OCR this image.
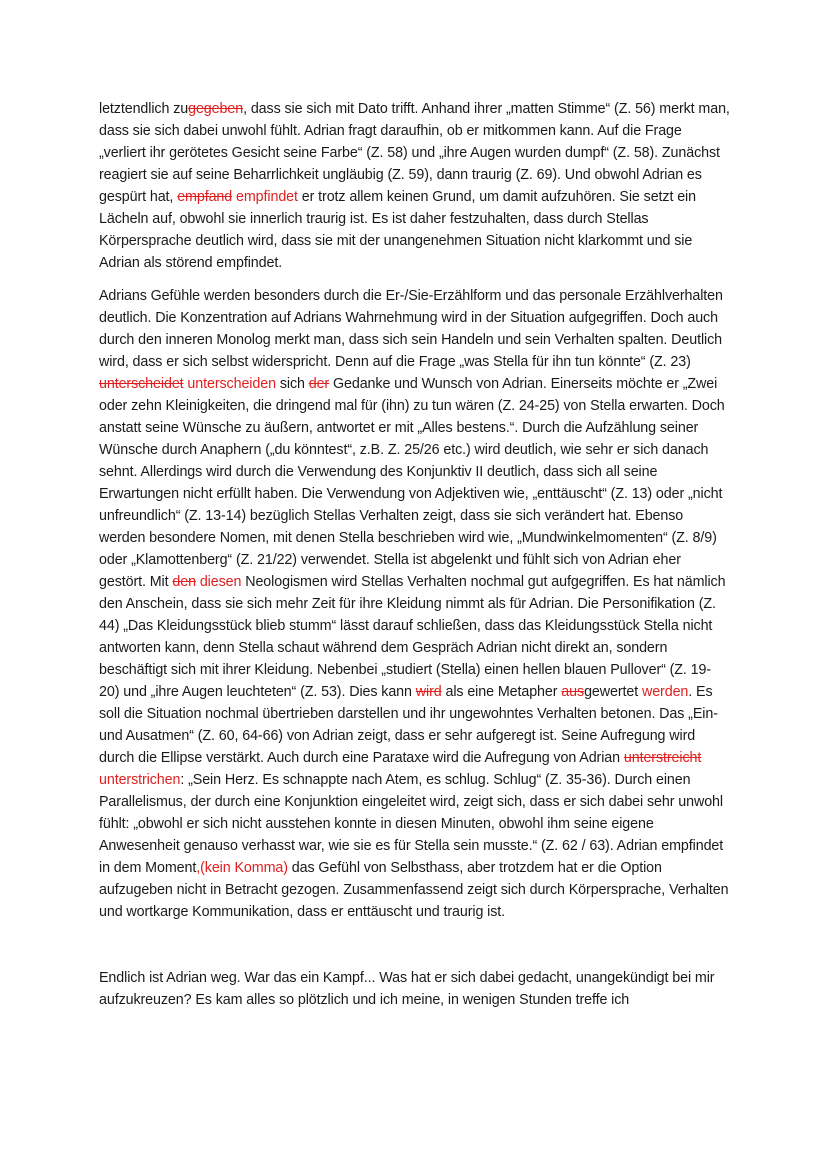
letztendlich zugegeben, dass sie sich mit Dato trifft. Anhand ihrer „matten Stimme“ (Z. 56) merkt man, dass sie sich dabei unwohl fühlt. Adrian fragt daraufhin, ob er mitkommen kann. Auf die Frage „verliert ihr gerötetes Gesicht seine Farbe“ (Z. 58) und „ihre Augen wurden dumpf“ (Z. 58). Zunächst reagiert sie auf seine Beharrlichkeit ungläubig (Z. 59), dann traurig (Z. 69). Und obwohl Adrian es gespürt hat, empfand empfindet er trotz allem keinen Grund, um damit aufzuhören. Sie setzt ein Lächeln auf, obwohl sie innerlich traurig ist. Es ist daher festzuhalten, dass durch Stellas Körpersprache deutlich wird, dass sie mit der unangenehmen Situation nicht klarkommt und sie Adrian als störend empfindet.

Adrians Gefühle werden besonders durch die Er-/Sie-Erzählform und das personale Erzählverhalten deutlich. Die Konzentration auf Adrians Wahrnehmung wird in der Situation aufgegriffen. Doch auch durch den inneren Monolog merkt man, dass sich sein Handeln und sein Verhalten spalten. Deutlich wird, dass er sich selbst widerspricht. Denn auf die Frage „was Stella für ihn tun könnte“ (Z. 23) unterscheidet unterscheiden sich der Gedanke und Wunsch von Adrian. Einerseits möchte er „Zwei oder zehn Kleinigkeiten, die dringend mal für (ihn) zu tun wären (Z. 24-25) von Stella erwarten. Doch anstatt seine Wünsche zu äußern, antwortet er mit „Alles bestens.“. Durch die Aufzählung seiner Wünsche durch Anaphern („du könntest“, z.B. Z. 25/26 etc.) wird deutlich, wie sehr er sich danach sehnt. Allerdings wird durch die Verwendung des Konjunktiv II deutlich, dass sich all seine Erwartungen nicht erfüllt haben. Die Verwendung von Adjektiven wie, „enttäuscht“ (Z. 13) oder „nicht unfreundlich“ (Z. 13-14) bezüglich Stellas Verhalten zeigt, dass sie sich verändert hat. Ebenso werden besondere Nomen, mit denen Stella beschrieben wird wie, „Mundwinkelmomenten“ (Z. 8/9) oder „Klamottenberg“ (Z. 21/22) verwendet. Stella ist abgelenkt und fühlt sich von Adrian eher gestört. Mit den diesen Neologismen wird Stellas Verhalten nochmal gut aufgegriffen. Es hat nämlich den Anschein, dass sie sich mehr Zeit für ihre Kleidung nimmt als für Adrian. Die Personifikation (Z. 44) „Das Kleidungsstück blieb stumm“ lässt darauf schließen, dass das Kleidungsstück Stella nicht antworten kann, denn Stella schaut während dem Gespräch Adrian nicht direkt an, sondern beschäftigt sich mit ihrer Kleidung. Nebenbei „studiert (Stella) einen hellen blauen Pullover“ (Z. 19-20) und „ihre Augen leuchteten“ (Z. 53). Dies kann wird als eine Metapher ausgewertet werden. Es soll die Situation nochmal übertrieben darstellen und ihr ungewohntes Verhalten betonen. Das „Ein- und Ausatmen“ (Z. 60, 64-66) von Adrian zeigt, dass er sehr aufgeregt ist. Seine Aufregung wird durch die Ellipse verstärkt. Auch durch eine Parataxe wird die Aufregung von Adrian unterstreicht unterstrichen: „Sein Herz. Es schnappte nach Atem, es schlug. Schlug“ (Z. 35-36). Durch einen Parallelismus, der durch eine Konjunktion eingeleitet wird, zeigt sich, dass er sich dabei sehr unwohl fühlt: „obwohl er sich nicht ausstehen konnte in diesen Minuten, obwohl ihm seine eigene Anwesenheit genauso verhasst war, wie sie es für Stella sein musste.“ (Z. 62 / 63). Adrian empfindet in dem Moment,(kein Komma) das Gefühl von Selbsthass, aber trotzdem hat er die Option aufzugeben nicht in Betracht gezogen. Zusammenfassend zeigt sich durch Körpersprache, Verhalten und wortkarge Kommunikation, dass er enttäuscht und traurig ist.

Endlich ist Adrian weg. War das ein Kampf... Was hat er sich dabei gedacht, unangekündigt bei mir aufzukreuzen? Es kam alles so plötzlich und ich meine, in wenigen Stunden treffe ich
